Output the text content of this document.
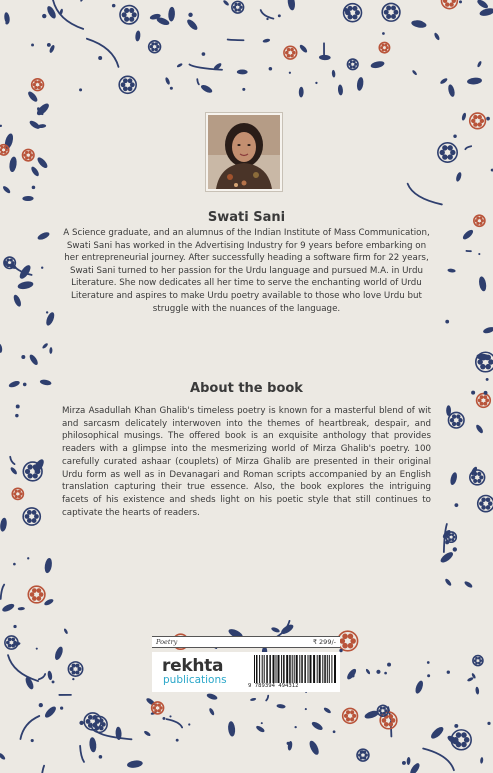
Swati Sani

A Science graduate, and an alumnus of the Indian Institute of Mass Communication, Swati Sani has worked in the Advertising Industry for 9 years before embarking on her entrepreneurial journey. After successfully heading a software firm for 22 years, Swati Sani turned to her passion for the Urdu language and pursued M.A. in Urdu Literature. She now dedicates all her time to serve the enchanting world of Urdu Literature and aspires to make Urdu poetry available to those who love Urdu but struggle with the nuances of the language.

About the book

Mirza Asadullah Khan Ghalib's timeless poetry is known for a masterful blend of wit and sarcasm delicately interwoven into the themes of heartbreak, despair, and philosophical musings. The offered book is an exquisite anthology that provides readers with a glimpse into the mesmerizing world of Mirza Ghalib's poetry. 100 carefully curated ashaar (couplets) of Mirza Ghalib are presented in their original Urdu form as well as in Devanagari and Roman scripts accompanied by an English translation capturing their true essence. Also, the book explores the intriguing facets of his existence and sheds light on his poetic style that still continues to captivate the hearts of readers.

Poetry	₹ 299/-
rekhta
publications	9 789394 494312
